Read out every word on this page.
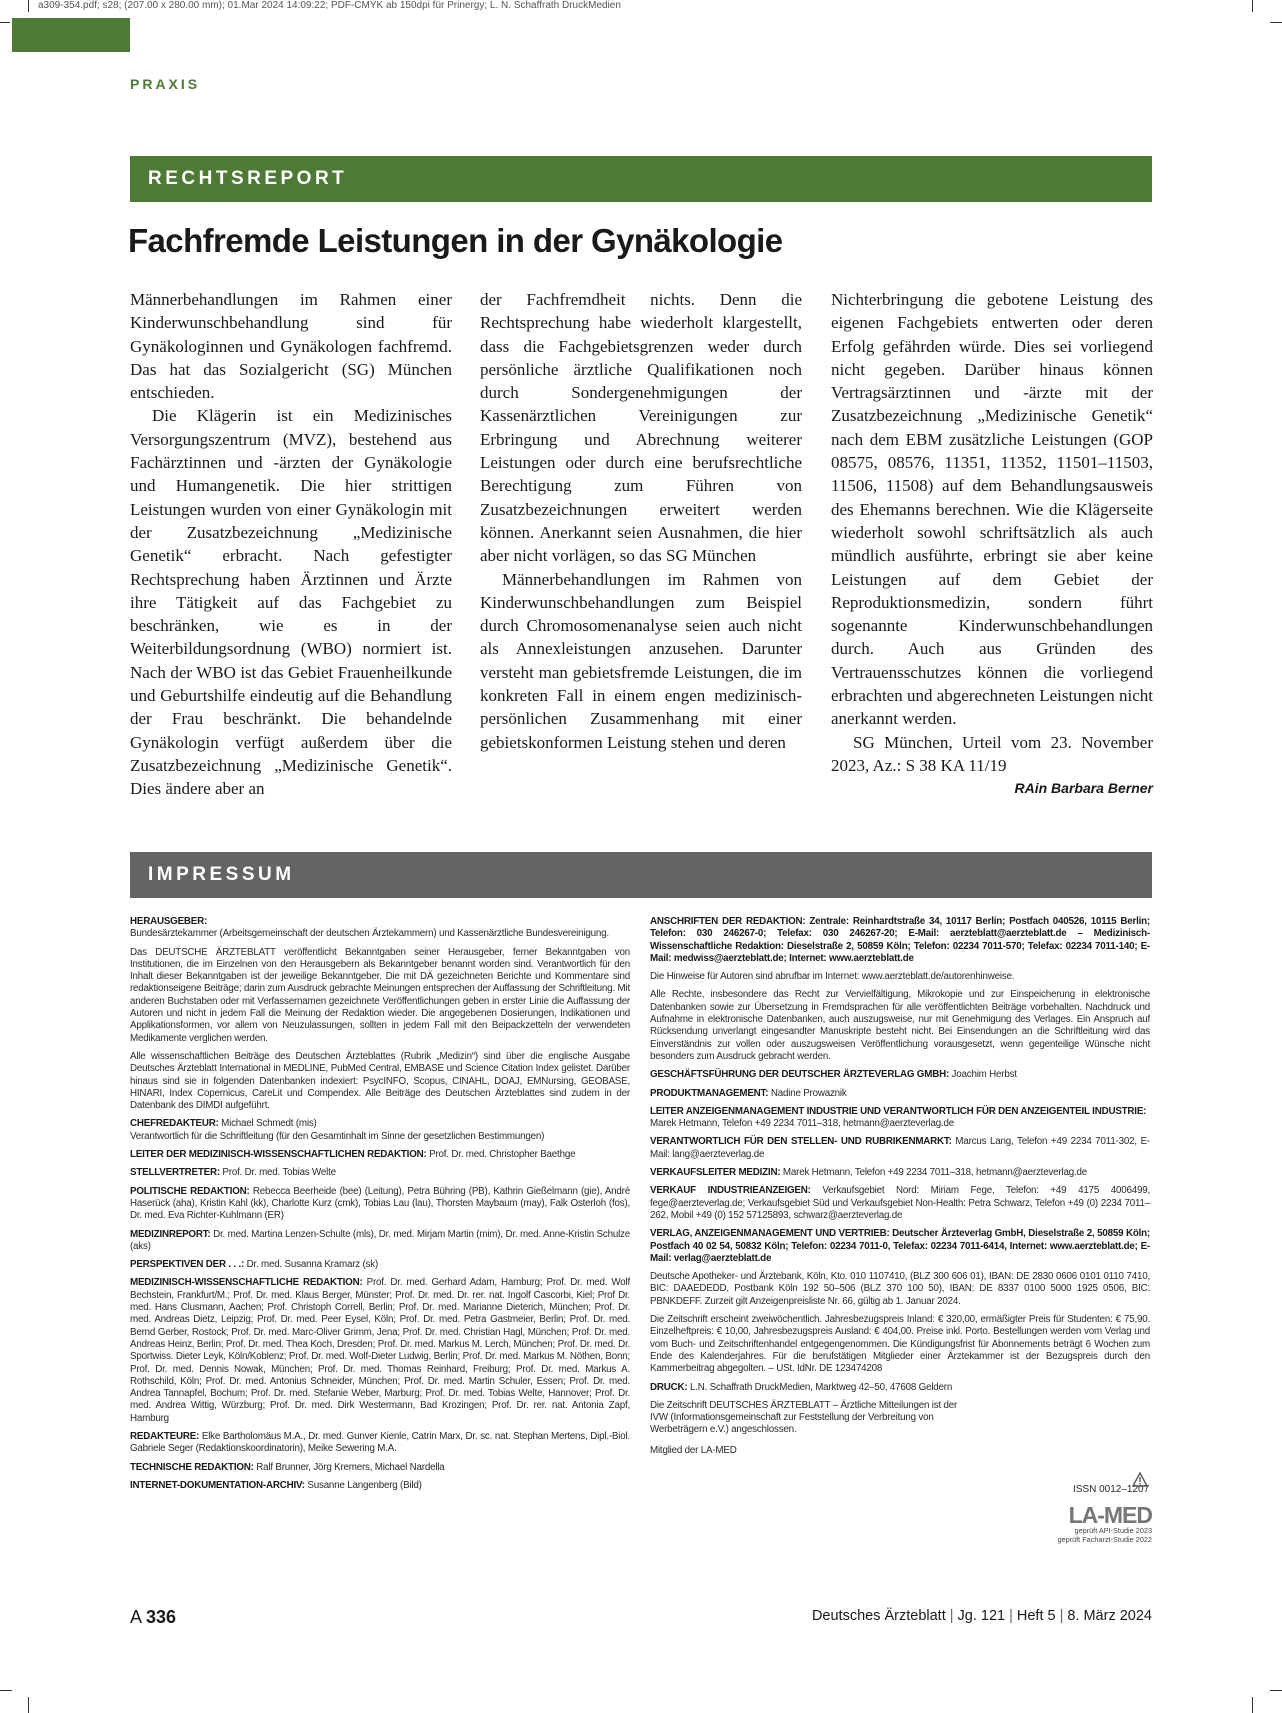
a309-354.pdf; s28; (207.00 x 280.00 mm); 01.Mar 2024 14:09:22; PDF-CMYK ab 150dpi für Prinergy; L. N. Schaffrath DruckMedien
PRAXIS
RECHTSREPORT
Fachfremde Leistungen in der Gynäkologie

Männerbehandlungen im Rahmen einer Kinderwunschbehandlung sind für Gynäkologinnen und Gynäkologen fachfremd. Das hat das Sozialgericht (SG) München entschieden.

Die Klägerin ist ein Medizinisches Versorgungszentrum (MVZ), bestehend aus Fachärztinnen und -ärzten der Gynäkologie und Humangenetik. Die hier strittigen Leistungen wurden von einer Gynäkologin mit der Zusatzbezeichnung „Medizinische Genetik“ erbracht. Nach gefestigter Rechtsprechung haben Ärztinnen und Ärzte ihre Tätigkeit auf das Fachgebiet zu beschränken, wie es in der Weiterbildungsordnung (WBO) normiert ist. Nach der WBO ist das Gebiet Frauenheilkunde und Geburtshilfe eindeutig auf die Behandlung der Frau beschränkt. Die behandelnde Gynäkologin verfügt außerdem über die Zusatzbezeichnung „Medizinische Genetik“. Dies ändere aber an

der Fachfremdheit nichts. Denn die Rechtsprechung habe wiederholt klargestellt, dass die Fachgebietsgrenzen weder durch persönliche ärztliche Qualifikationen noch durch Sondergenehmigungen der Kassenärztlichen Vereinigungen zur Erbringung und Abrechnung weiterer Leistungen oder durch eine berufsrechtliche Berechtigung zum Führen von Zusatzbezeichnungen erweitert werden können. Anerkannt seien Ausnahmen, die hier aber nicht vorlägen, so das SG München

Männerbehandlungen im Rahmen von Kinderwunschbehandlungen zum Beispiel durch Chromosomenanalyse seien auch nicht als Annexleistungen anzusehen. Darunter versteht man gebietsfremde Leistungen, die im konkreten Fall in einem engen medizinisch-persönlichen Zusammenhang mit einer gebietskonformen Leistung stehen und deren

Nichterbringung die gebotene Leistung des eigenen Fachgebiets entwerten oder deren Erfolg gefährden würde. Dies sei vorliegend nicht gegeben. Darüber hinaus können Vertragsärztinnen und -ärzte mit der Zusatzbezeichnung „Medizinische Genetik“ nach dem EBM zusätzliche Leistungen (GOP 08575, 08576, 11351, 11352, 11501–11503, 11506, 11508) auf dem Behandlungsausweis des Ehemanns berechnen. Wie die Klägerseite wiederholt sowohl schriftsätzlich als auch mündlich ausführte, erbringt sie aber keine Leistungen auf dem Gebiet der Reproduktionsmedizin, sondern führt sogenannte Kinderwunschbehandlungen durch. Auch aus Gründen des Vertrauensschutzes können die vorliegend erbrachten und abgerechneten Leistungen nicht anerkannt werden.

SG München, Urteil vom 23. November 2023, Az.: S 38 KA 11/19
RAin Barbara Berner

IMPRESSUM

HERAUSGEBER:
Bundesärztekammer (Arbeitsgemeinschaft der deutschen Ärztekammern) und Kassenärztliche Bundesvereinigung.

Das DEUTSCHE ÄRZTEBLATT veröffentlicht Bekanntgaben seiner Herausgeber, ferner Bekanntgaben von Institutionen, die im Einzelnen von den Herausgebern als Bekanntgeber benannt worden sind. Verantwortlich für den Inhalt dieser Bekanntgaben ist der jeweilige Bekanntgeber. Die mit DÄ gezeichneten Berichte und Kommentare sind redaktionseigene Beiträge; darin zum Ausdruck gebrachte Meinungen entsprechen der Auffassung der Schriftleitung. Mit anderen Buchstaben oder mit Verfassernamen gezeichnete Veröffentlichungen geben in erster Linie die Auffassung der Autoren und nicht in jedem Fall die Meinung der Redaktion wieder. Die angegebenen Dosierungen, Indikationen und Applikationsformen, vor allem von Neuzulassungen, sollten in jedem Fall mit den Beipackzetteln der verwendeten Medikamente verglichen werden.

Alle wissenschaftlichen Beiträge des Deutschen Ärzteblattes (Rubrik „Medizin“) sind über die englische Ausgabe Deutsches Ärzteblatt International in MEDLINE, PubMed Central, EMBASE und Science Citation Index gelistet. Darüber hinaus sind sie in folgenden Datenbanken indexiert: PsycINFO, Scopus, CINAHL, DOAJ, EMNursing, GEOBASE, HINARI, Index Copernicus, CareLit und Compendex. Alle Beiträge des Deutschen Ärzteblattes sind zudem in der Datenbank des DIMDI aufgeführt.

CHEFREDAKTEUR: Michael Schmedt (mis)
Verantwortlich für die Schriftleitung (für den Gesamtinhalt im Sinne der gesetzlichen Bestimmungen)

LEITER DER MEDIZINISCH-WISSENSCHAFTLICHEN REDAKTION: Prof. Dr. med. Christopher Baethge

STELLVERTRETER: Prof. Dr. med. Tobias Welte

POLITISCHE REDAKTION: Rebecca Beerheide (bee) (Leitung), Petra Bühring (PB), Kathrin Gießelmann (gie), André Haserück (aha), Kristin Kahl (kk), Charlotte Kurz (cmk), Tobias Lau (lau), Thorsten Maybaum (may), Falk Osterloh (fos), Dr. med. Eva Richter-Kuhlmann (ER)

MEDIZINREPORT: Dr. med. Martina Lenzen-Schulte (mls), Dr. med. Mirjam Martin (mim), Dr. med. Anne-Kristin Schulze (aks)

PERSPEKTIVEN DER . . .: Dr. med. Susanna Kramarz (sk)

MEDIZINISCH-WISSENSCHAFTLICHE REDAKTION: Prof. Dr. med. Gerhard Adam, Hamburg; Prof. Dr. med. Wolf Bechstein, Frankfurt/M.; Prof. Dr. med. Klaus Berger, Münster; Prof. Dr. med. Dr. rer. nat. Ingolf Cascorbi, Kiel; Prof Dr. med. Hans Clusmann, Aachen; Prof. Christoph Correll, Berlin; Prof. Dr. med. Marianne Dieterich, München; Prof. Dr. med. Andreas Dietz, Leipzig; Prof. Dr. med. Peer Eysel, Köln; Prof. Dr. med. Petra Gastmeier, Berlin; Prof. Dr. med. Bernd Gerber, Rostock; Prof. Dr. med. Marc-Oliver Grimm, Jena; Prof. Dr. med. Christian Hagl, München; Prof. Dr. med. Andreas Heinz, Berlin; Prof. Dr. med. Thea Koch, Dresden; Prof. Dr. med. Markus M. Lerch, München; Prof. Dr. med. Dr. Sportwiss. Dieter Leyk, Köln/Koblenz; Prof. Dr. med. Wolf-Dieter Ludwig, Berlin; Prof. Dr. med. Markus M. Nöthen, Bonn; Prof. Dr. med. Dennis Nowak, München; Prof. Dr. med. Thomas Reinhard, Freiburg; Prof. Dr. med. Markus A. Rothschild, Köln; Prof. Dr. med. Antonius Schneider, München; Prof. Dr. med. Martin Schuler, Essen; Prof. Dr. med. Andrea Tannapfel, Bochum; Prof. Dr. med. Stefanie Weber, Marburg; Prof. Dr. med. Tobias Welte, Hannover; Prof. Dr. med. Andrea Wittig, Würzburg; Prof. Dr. med. Dirk Westermann, Bad Krozingen; Prof. Dr. rer. nat. Antonia Zapf, Hamburg

REDAKTEURE: Elke Bartholomäus M.A., Dr. med. Gunver Kienle, Catrin Marx, Dr. sc. nat. Stephan Mertens, Dipl.-Biol. Gabriele Seger (Redaktionskoordinatorin), Meike Sewering M.A.

TECHNISCHE REDAKTION: Ralf Brunner, Jörg Kremers, Michael Nardella

INTERNET-DOKUMENTATION-ARCHIV: Susanne Langenberg (Bild)

ANSCHRIFTEN DER REDAKTION: Zentrale: Reinhardtstraße 34, 10117 Berlin; Postfach 040526, 10115 Berlin; Telefon: 030 246267-0; Telefax: 030 246267-20; E-Mail: aerzteblatt@aerzteblatt.de – Medizinisch-Wissenschaftliche Redaktion: Dieselstraße 2, 50859 Köln; Telefon: 02234 7011-570; Telefax: 02234 7011-140; E-Mail: medwiss@aerzteblatt.de; Internet: www.aerzteblatt.de

Die Hinweise für Autoren sind abrufbar im Internet: www.aerzteblatt.de/autorenhinweise.

Alle Rechte, insbesondere das Recht zur Vervielfältigung, Mikrokopie und zur Einspeicherung in elektronische Datenbanken sowie zur Übersetzung in Fremdsprachen für alle veröffentlichten Beiträge vorbehalten. Nachdruck und Aufnahme in elektronische Datenbanken, auch auszugsweise, nur mit Genehmigung des Verlages. Ein Anspruch auf Rücksendung unverlangt eingesandter Manuskripte besteht nicht. Bei Einsendungen an die Schriftleitung wird das Einverständnis zur vollen oder auszugsweisen Veröffentlichung vorausgesetzt, wenn gegenteilige Wünsche nicht besonders zum Ausdruck gebracht werden.

GESCHÄFTSFÜHRUNG DER DEUTSCHER ÄRZTEVERLAG GMBH: Joachim Herbst

PRODUKTMANAGEMENT: Nadine Prowaznik

LEITER ANZEIGENMANAGEMENT INDUSTRIE UND VERANTWORTLICH FÜR DEN ANZEIGENTEIL INDUSTRIE:
Marek Hetmann, Telefon +49 2234 7011–318, hetmann@aerzteverlag.de

VERANTWORTLICH FÜR DEN STELLEN- UND RUBRIKENMARKT: Marcus Lang, Telefon +49 2234 7011-302, E-Mail: lang@aerzteverlag.de

VERKAUFSLEITER MEDIZIN: Marek Hetmann, Telefon +49 2234 7011–318, hetmann@aerzteverlag.de

VERKAUF INDUSTRIEANZEIGEN: Verkaufsgebiet Nord: Miriam Fege, Telefon: +49 4175 4006499, fege@aerzteverlag.de; Verkaufsgebiet Süd und Verkaufsgebiet Non-Health: Petra Schwarz, Telefon +49 (0) 2234 7011–262, Mobil +49 (0) 152 57125893, schwarz@aerzteverlag.de

VERLAG, ANZEIGENMANAGEMENT UND VERTRIEB: Deutscher Ärzteverlag GmbH, Dieselstraße 2, 50859 Köln; Postfach 40 02 54, 50832 Köln; Telefon: 02234 7011-0, Telefax: 02234 7011-6414, Internet: www.aerzteblatt.de; E-Mail: verlag@aerzteblatt.de

Deutsche Apotheker- und Ärztebank, Köln, Kto. 010 1107410, (BLZ 300 606 01), IBAN: DE 2830 0606 0101 0110 7410, BIC: DAAEDEDD, Postbank Köln 192 50–506 (BLZ 370 100 50), IBAN: DE 8337 0100 5000 1925 0506, BIC: PBNKDEFF. Zurzeit gilt Anzeigenpreisliste Nr. 66, gültig ab 1. Januar 2024.

Die Zeitschrift erscheint zweiwöchentlich. Jahresbezugspreis Inland: € 320,00, ermäßigter Preis für Studenten: € 75,90. Einzelheftpreis: € 10,00, Jahresbezugspreis Ausland: € 404,00. Preise inkl. Porto. Bestellungen werden vom Verlag und vom Buch- und Zeitschriftenhandel entgegengenommen. Die Kündigungsfrist für Abonnements beträgt 6 Wochen zum Ende des Kalenderjahres. Für die berufstätigen Mitglieder einer Ärztekammer ist der Bezugspreis durch den Kammerbeitrag abgegolten. – USt. IdNr. DE 123474208

DRUCK: L.N. Schaffrath DruckMedien, Marktweg 42–50, 47608 Geldern

Die Zeitschrift DEUTSCHES ÄRZTEBLATT – Ärztliche Mitteilungen ist der IVW (Informationsgemeinschaft zur Feststellung der Verbreitung von Werbeträgern e.V.) angeschlossen.

Mitglied der LA-MED

ISSN 0012–1207
LA-MED
geprüft API-Studie 2023
geprüft Facharzt-Studie 2022
A 336	Deutsches Ärzteblatt | Jg. 121 | Heft 5 | 8. März 2024
